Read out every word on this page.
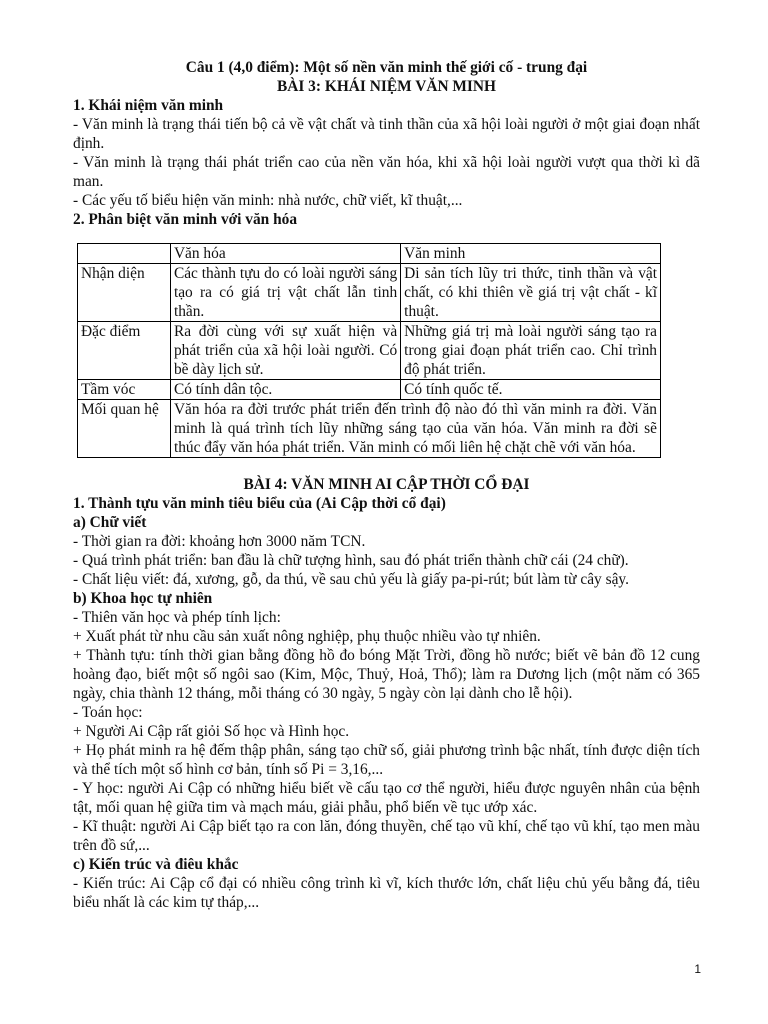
Câu 1 (4,0 điểm): Một số nền văn minh thế giới cố - trung đại
BÀI 3: KHÁI NIỆM VĂN MINH
1. Khái niệm văn minh
- Văn minh là trạng thái tiến bộ cả về vật chất và tinh thần của xã hội loài người ở một giai đoạn nhất định.
- Văn minh là trạng thái phát triển cao của nền văn hóa, khi xã hội loài người vượt qua thời kì dã man.
- Các yếu tố biểu hiện văn minh: nhà nước, chữ viết, kĩ thuật,...
2. Phân biệt văn minh với văn hóa
	Văn hóa	Văn minh
Nhận diện	Các thành tựu do có loài người sáng tạo ra có giá trị vật chất lẫn tinh thần.	Di sản tích lũy tri thức, tinh thần và vật chất, có khi thiên về giá trị vật chất - kĩ thuật.
Đặc điểm	Ra đời cùng với sự xuất hiện và phát triển của xã hội loài người. Có bề dày lịch sử.	Những giá trị mà loài người sáng tạo ra trong giai đoạn phát triển cao. Chỉ trình độ phát triển.
Tầm vóc	Có tính dân tộc.	Có tính quốc tế.
Mối quan hệ	Văn hóa ra đời trước phát triển đến trình độ nào đó thì văn minh ra đời. Văn minh là quá trình tích lũy những sáng tạo của văn hóa. Văn minh ra đời sẽ thúc đẩy văn hóa phát triển. Văn minh có mối liên hệ chặt chẽ với văn hóa.	
BÀI 4: VĂN MINH AI CẬP THỜI CỔ ĐẠI
1. Thành tựu văn minh tiêu biểu của (Ai Cập thời cổ đại)
a) Chữ viết
- Thời gian ra đời: khoảng hơn 3000 năm TCN.
- Quá trình phát triển: ban đầu là chữ tượng hình, sau đó phát triển thành chữ cái (24 chữ).
- Chất liệu viết: đá, xương, gỗ, da thú, về sau chủ yếu là giấy pa-pi-rút; bút làm từ cây sậy.
b) Khoa học tự nhiên
- Thiên văn học và phép tính lịch:
+ Xuất phát từ nhu cầu sản xuất nông nghiệp, phụ thuộc nhiều vào tự nhiên.
+ Thành tựu: tính thời gian bằng đồng hồ đo bóng Mặt Trời, đồng hồ nước; biết vẽ bản đồ 12 cung hoàng đạo, biết một số ngôi sao (Kim, Mộc, Thuỷ, Hoả, Thổ); làm ra Dương lịch (một năm có 365 ngày, chia thành 12 tháng, mỗi tháng có 30 ngày, 5 ngày còn lại dành cho lễ hội).
- Toán học:
+ Người Ai Cập rất giỏi Số học và Hình học.
+ Họ phát minh ra hệ đếm thập phân, sáng tạo chữ số, giải phương trình bậc nhất, tính được diện tích và thể tích một số hình cơ bản, tính số Pi = 3,16,...
- Y học: người Ai Cập có những hiểu biết về cấu tạo cơ thể người, hiểu được nguyên nhân của bệnh tật, mối quan hệ giữa tim và mạch máu, giải phẫu, phổ biến về tục ướp xác.
- Kĩ thuật: người Ai Cập biết tạo ra con lăn, đóng thuyền, chế tạo vũ khí, chế tạo vũ khí, tạo men màu trên đồ sứ,...
c) Kiến trúc và điêu khắc
- Kiến trúc: Ai Cập cổ đại có nhiều công trình kì vĩ, kích thước lớn, chất liệu chủ yếu bằng đá, tiêu biểu nhất là các kim tự tháp,...
1
